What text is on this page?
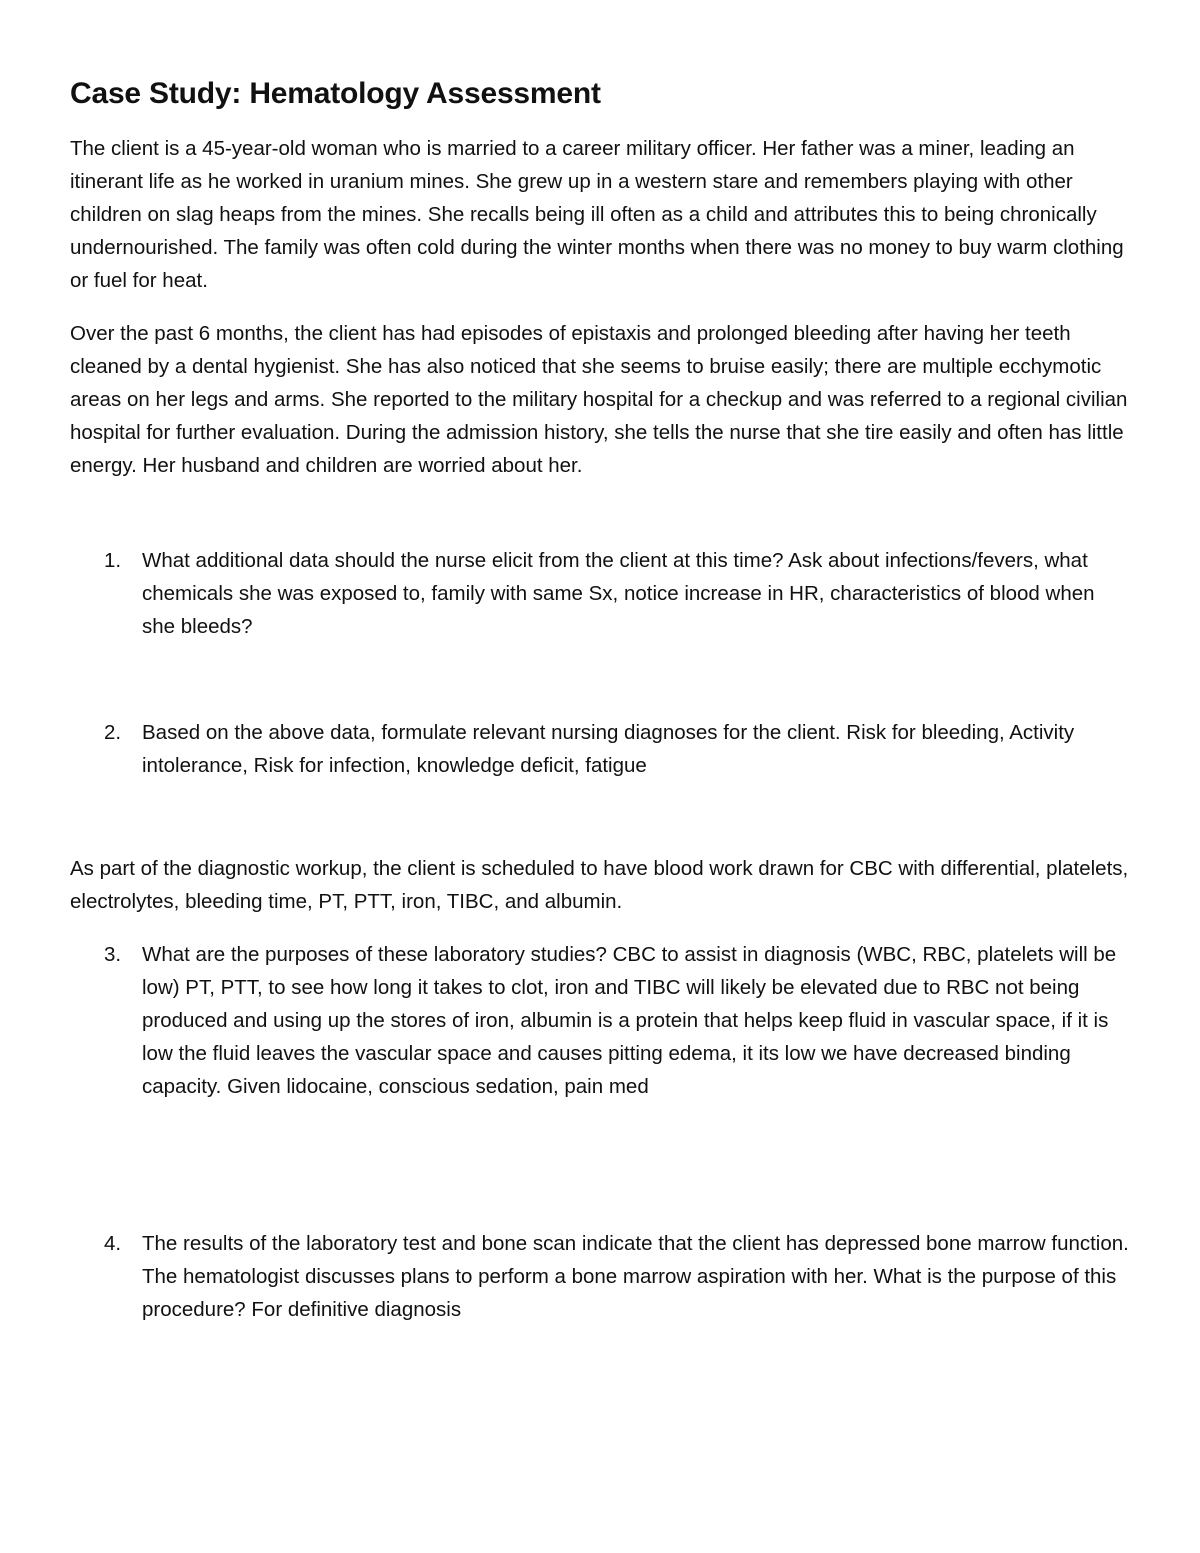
Case Study: Hematology Assessment

The client is a 45-year-old woman who is married to a career military officer. Her father was a miner, leading an itinerant life as he worked in uranium mines. She grew up in a western stare and remembers playing with other children on slag heaps from the mines. She recalls being ill often as a child and attributes this to being chronically undernourished. The family was often cold during the winter months when there was no money to buy warm clothing or fuel for heat.

Over the past 6 months, the client has had episodes of epistaxis and prolonged bleeding after having her teeth cleaned by a dental hygienist. She has also noticed that she seems to bruise easily; there are multiple ecchymotic areas on her legs and arms. She reported to the military hospital for a checkup and was referred to a regional civilian hospital for further evaluation. During the admission history, she tells the nurse that she tire easily and often has little energy. Her husband and children are worried about her.

1. What additional data should the nurse elicit from the client at this time? Ask about infections/fevers, what chemicals she was exposed to, family with same Sx, notice increase in HR, characteristics of blood when she bleeds?
2. Based on the above data, formulate relevant nursing diagnoses for the client. Risk for bleeding, Activity intolerance, Risk for infection, knowledge deficit, fatigue

As part of the diagnostic workup, the client is scheduled to have blood work drawn for CBC with differential, platelets, electrolytes, bleeding time, PT, PTT, iron, TIBC, and albumin.

3. What are the purposes of these laboratory studies? CBC to assist in diagnosis (WBC, RBC, platelets will be low) PT, PTT, to see how long it takes to clot, iron and TIBC will likely be elevated due to RBC not being produced and using up the stores of iron, albumin is a protein that helps keep fluid in vascular space, if it is low the fluid leaves the vascular space and causes pitting edema, it its low we have decreased binding capacity. Given lidocaine, conscious sedation, pain med
4. The results of the laboratory test and bone scan indicate that the client has depressed bone marrow function. The hematologist discusses plans to perform a bone marrow aspiration with her. What is the purpose of this procedure? For definitive diagnosis
